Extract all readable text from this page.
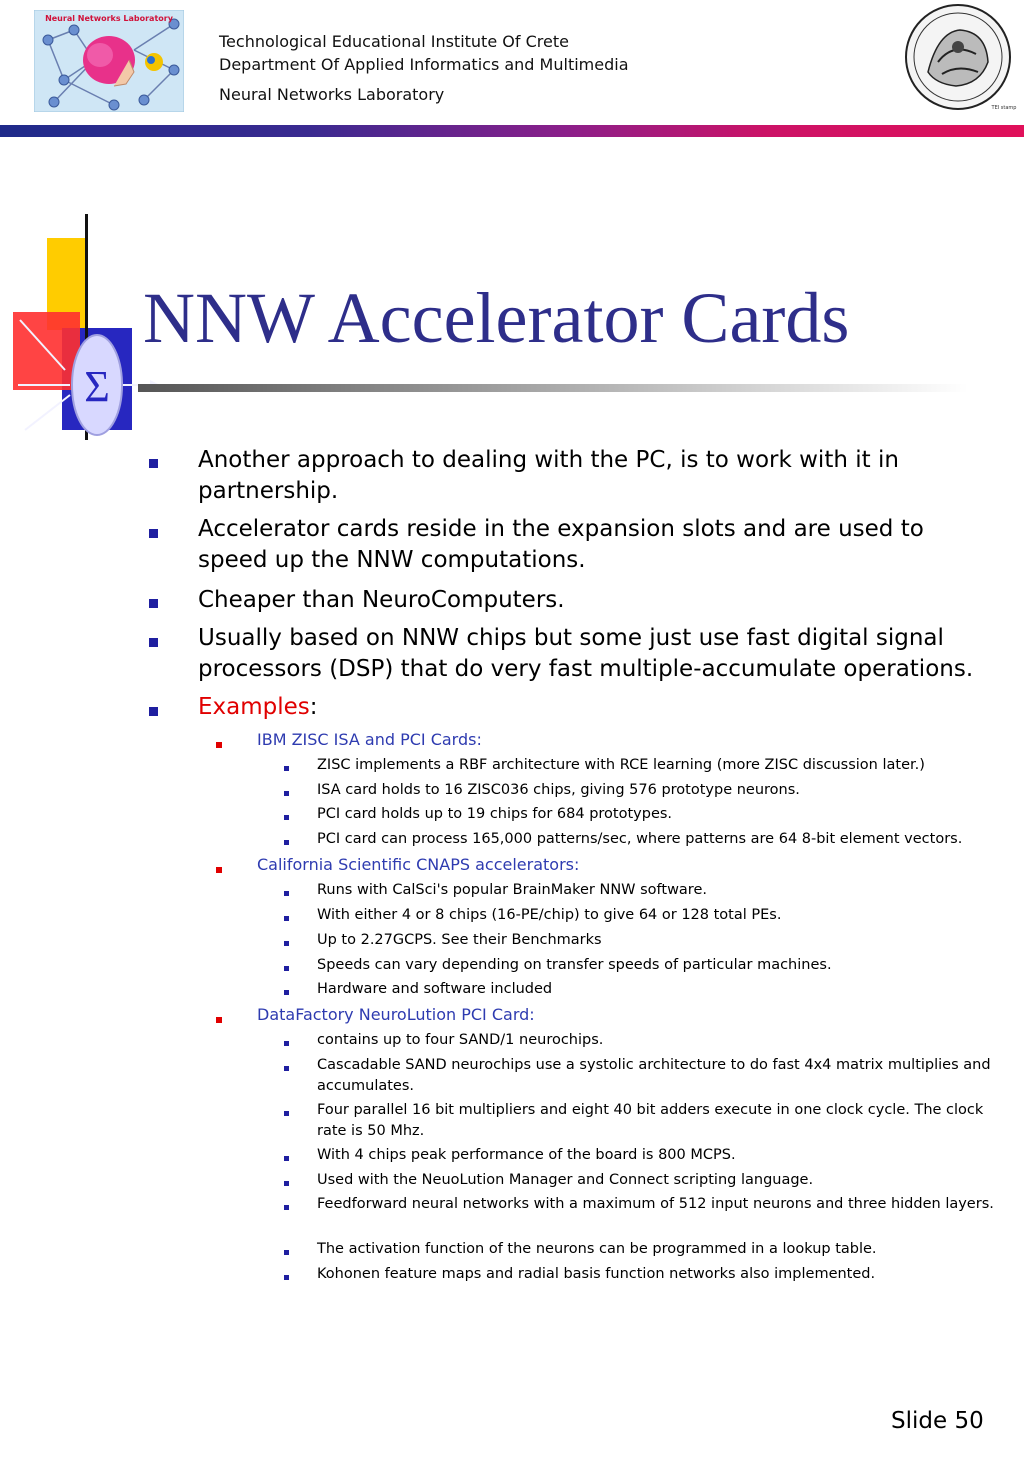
Neural Networks Laboratory
Technological Educational Institute Of Crete
Department Of Applied Informatics and Multimedia
Neural Networks Laboratory
TEI stamp
Σ
NNW Accelerator Cards
Another approach to dealing with the PC, is to work with it in partnership.
Accelerator cards reside in the expansion slots and are used to speed up the NNW computations.
Cheaper than NeuroComputers.
Usually based on NNW chips but some just use fast digital signal processors (DSP) that do very fast multiple-accumulate operations.
Examples:
IBM ZISC ISA and PCI Cards:
ZISC implements a RBF architecture with RCE learning (more ZISC discussion later.)
ISA card holds to 16 ZISC036 chips, giving 576 prototype neurons.
PCI card holds up to 19 chips for 684 prototypes.
PCI card can process 165,000 patterns/sec, where patterns are 64 8-bit element vectors.
California Scientific CNAPS accelerators:
Runs with CalSci's popular BrainMaker NNW software.
With either 4 or 8 chips (16-PE/chip) to give 64 or 128 total PEs.
Up to 2.27GCPS. See their Benchmarks
Speeds can vary depending on transfer speeds of particular machines.
Hardware and software included
DataFactory NeuroLution PCI Card:
contains up to four SAND/1 neurochips.
Cascadable SAND neurochips use a systolic architecture to do fast 4x4 matrix multiplies and accumulates.
Four parallel 16 bit multipliers and eight 40 bit adders execute in one clock cycle. The clock rate is 50 Mhz.
With 4 chips peak performance of the board is 800 MCPS.
Used with the NeuoLution Manager and Connect scripting language.
Feedforward neural networks with a maximum of 512 input neurons and three hidden layers.
The activation function of the neurons can be programmed in a lookup table.
Kohonen feature maps and radial basis function networks also implemented.
Slide 50
